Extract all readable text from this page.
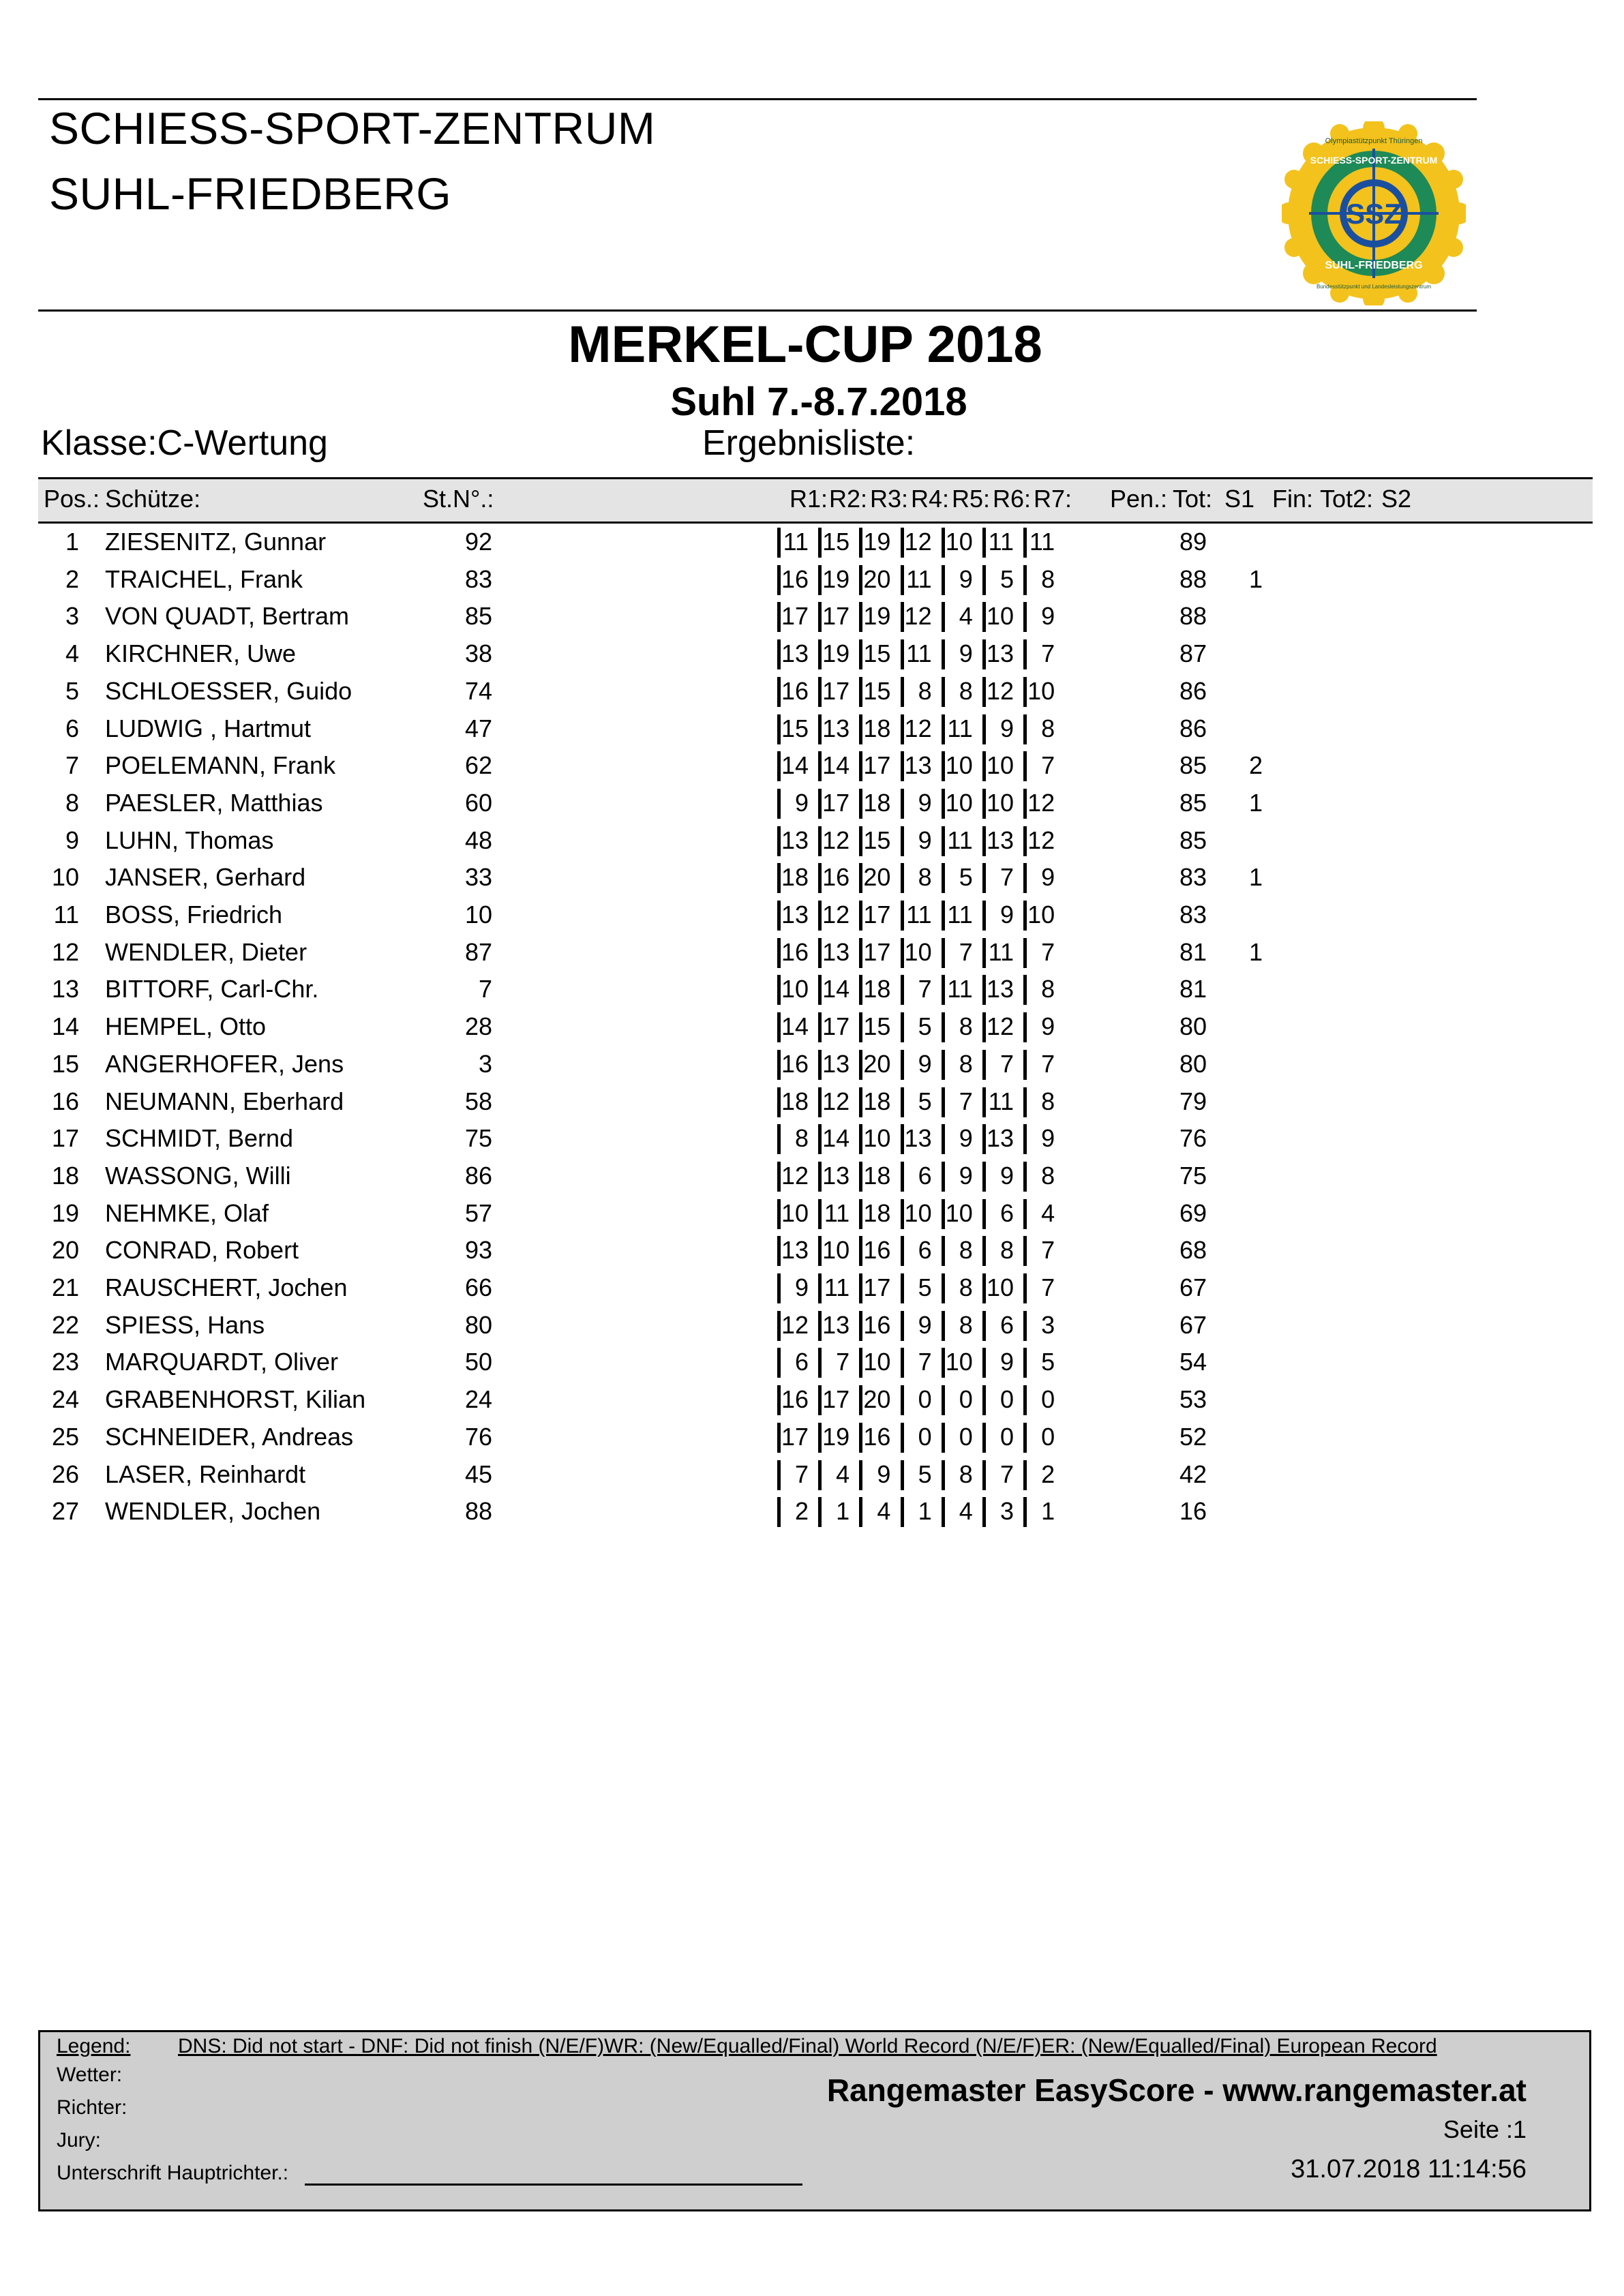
SCHIESS-SPORT-ZENTRUM
SUHL-FRIEDBERG	SSZ
SCHIESS-SPORT-ZENTRUM
SUHL-FRIEDBERG
Olympiastützpunkt Thüringen
Bundesstützpunkt und Landesleistungszentrum
MERKEL-CUP 2018
Suhl 7.-8.7.2018
Klasse:C-Wertung	Ergebnisliste:
Pos.: Schütze:	St.N°.:	R1: R2: R3: R4: R5: R6: R7: Pen.: Tot: S1 Fin: Tot2: S2
1 ZIESENITZ, Gunnar	92	11 15 19 12 10 11 11	89
2 TRAICHEL, Frank	83	16 19 20 11	9	5	8	88 1
3 VON QUADT, Bertram	85	17 17 19 12	4 10	9	88
4 KIRCHNER, Uwe	38	13 19 15 11	9 13	7	87
5 SCHLOESSER, Guido	74	16 17 15	8	8 12 10	86
6 LUDWIG , Hartmut	47	15 13 18 12 11	9	8	86
7 POELEMANN, Frank	62	14 14 17 13 10 10	7	85 2
8 PAESLER, Matthias	60	9 17 18	9 10 10 12	85 1
9 LUHN, Thomas	48	13 12 15	9 11 13 12	85
10 JANSER, Gerhard	33	18 16 20	8	5	7	9	83 1
11 BOSS, Friedrich	10	13 12 17 11 11	9 10	83
12 WENDLER, Dieter	87	16 13 17 10	7 11	7	81 1
13 BITTORF, Carl-Chr.	7	10 14 18	7 11 13	8	81
14 HEMPEL, Otto	28	14 17 15	5	8 12	9	80
15 ANGERHOFER, Jens	3	16 13 20	9	8	7	7	80
16 NEUMANN, Eberhard	58	18 12 18	5	7 11	8	79
17 SCHMIDT, Bernd	75	8 14 10 13	9 13	9	76
18 WASSONG, Willi	86	12 13 18	6	9	9	8	75
19 NEHMKE, Olaf	57	10 11 18 10 10	6	4	69
20 CONRAD, Robert	93	13 10 16	6	8	8	7	68
21 RAUSCHERT, Jochen	66	9 11 17	5	8 10	7	67
22 SPIESS, Hans	80	12 13 16	9	8	6	3	67
23 MARQUARDT, Oliver	50	6	7 10	7 10	9	5	54
24 GRABENHORST, Kilian	24	16 17 20	0	0	0	0	53
25 SCHNEIDER, Andreas	76	17 19 16	0	0	0	0	52
26 LASER, Reinhardt	45	7	4	9	5	8	7	2	42
27 WENDLER, Jochen	88	2	1	4	1	4	3	1	16
Legend: DNS: Did not start - DNF: Did not finish (N/E/F)WR: (New/Equalled/Final) World Record (N/E/F)ER: (New/Equalled/Final) European Record
Wetter:
Richter:
Jury:
Unterschrift Hauptrichter.:
Rangemaster EasyScore - www.rangemaster.at
Seite :1
31.07.2018 11:14:56
